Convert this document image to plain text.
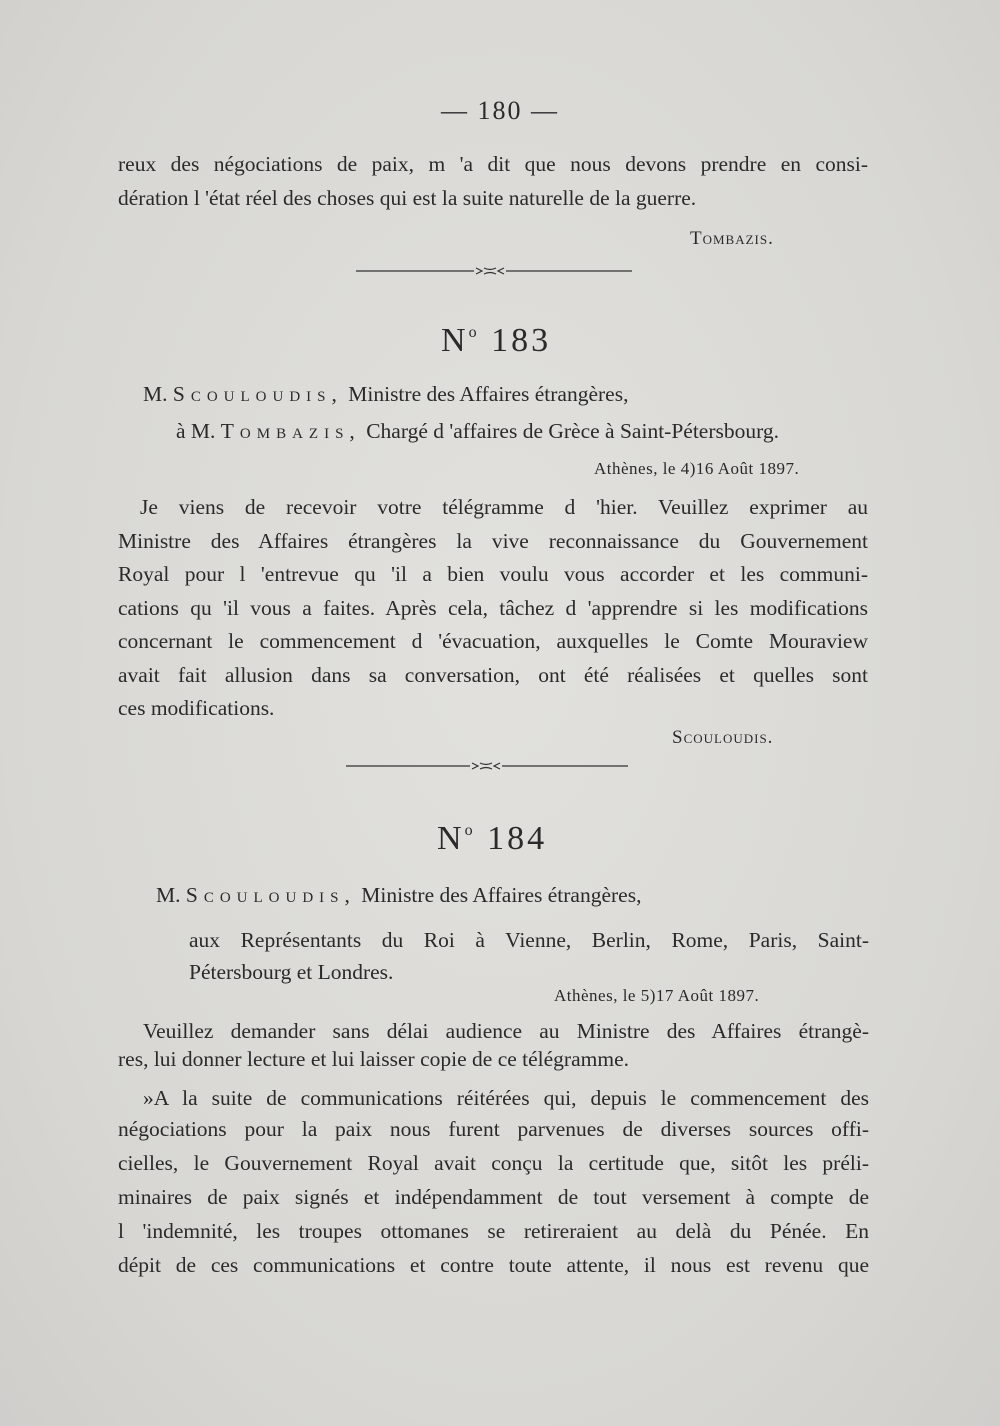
— 180 —
reux des négociations de paix, m 'a dit que nous devons prendre en consi-
dération l 'état réel des choses qui est la suite naturelle de la guerre.
Tombazis.
$N^o$ 183
M. Scouloudis, Ministre des Affaires étrangères,
à M. Tombazis, Chargé d 'affaires de Grèce à Saint-Pétersbourg.
Athènes, le 4)16 Août 1897.
Je viens de recevoir votre télégramme d 'hier. Veuillez exprimer au
Ministre des Affaires étrangères la vive reconnaissance du Gouvernement
Royal pour l 'entrevue qu 'il a bien voulu vous accorder et les communi-
cations qu 'il vous a faites. Après cela, tâchez d 'apprendre si les modifications
concernant le commencement d 'évacuation, auxquelles le Comte Mouraview
avait fait allusion dans sa conversation, ont été réalisées et quelles sont
ces modifications.
Scouloudis.
$N^o$ 184
M. Scouloudis, Ministre des Affaires étrangères,
aux Représentants du Roi à Vienne, Berlin, Rome, Paris, Saint-
Pétersbourg et Londres.
Athènes, le 5)17 Août 1897.
Veuillez demander sans délai audience au Ministre des Affaires étrangè-
res, lui donner lecture et lui laisser copie de ce télégramme.
»A la suite de communications réitérées qui, depuis le commencement des
négociations pour la paix nous furent parvenues de diverses sources offi-
cielles, le Gouvernement Royal avait conçu la certitude que, sitôt les préli-
minaires de paix signés et indépendamment de tout versement à compte de
l 'indemnité, les troupes ottomanes se retireraient au delà du Pénée. En
dépit de ces communications et contre toute attente, il nous est revenu que
